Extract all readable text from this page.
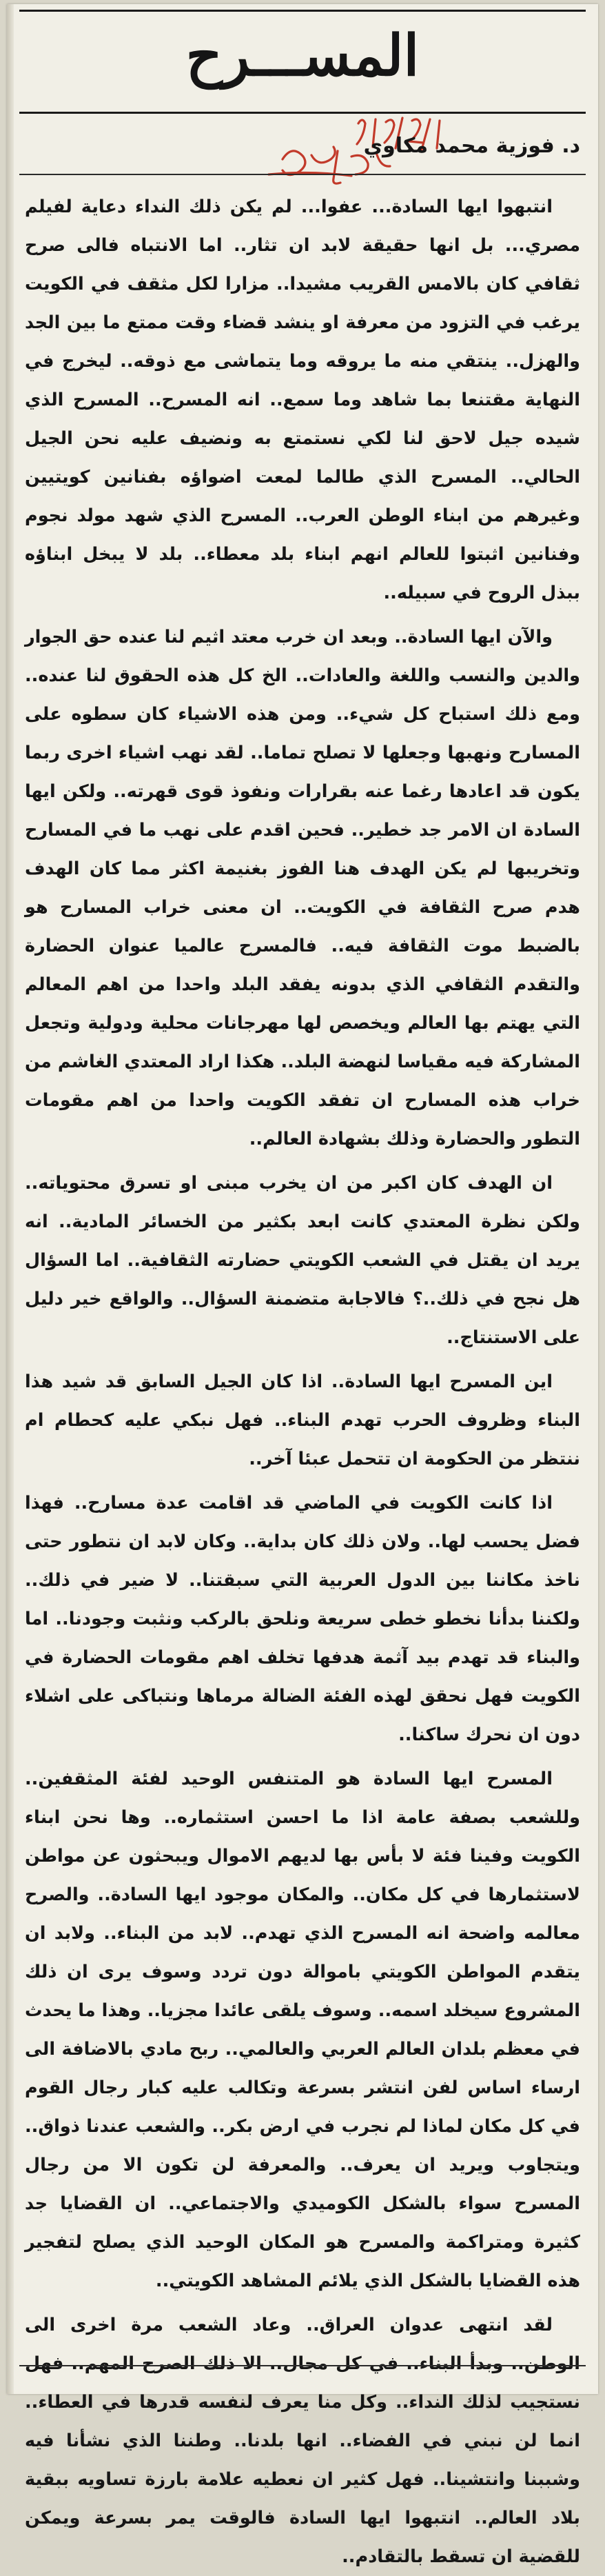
المســـرح
د. فوزية محمد مكاوي

انتبهوا ايها السادة... عفوا... لم يكن ذلك النداء دعاية لفيلم مصري... بل انها حقيقة لابد ان تثار.. اما الانتباه فالى صرح ثقافي كان بالامس القريب مشيدا.. مزارا لكل مثقف في الكويت يرغب في التزود من معرفة او ينشد قضاء وقت ممتع ما بين الجد والهزل.. ينتقي منه ما يروقه وما يتماشى مع ذوقه.. ليخرج في النهاية مقتنعا بما شاهد وما سمع.. انه المسرح.. المسرح الذي شيده جيل لاحق لنا لكي نستمتع به ونضيف عليه نحن الجيل الحالي.. المسرح الذي طالما لمعت اضواؤه بفنانين كويتيين وغيرهم من ابناء الوطن العرب.. المسرح الذي شهد مولد نجوم وفنانين اثبتوا للعالم انهم ابناء بلد معطاء.. بلد لا يبخل ابناؤه ببذل الروح في سبيله..

والآن ايها السادة.. وبعد ان خرب معتد اثيم لنا عنده حق الجوار والدين والنسب واللغة والعادات.. الخ كل هذه الحقوق لنا عنده.. ومع ذلك استباح كل شيء.. ومن هذه الاشياء كان سطوه على المسارح ونهبها وجعلها لا تصلح تماما.. لقد نهب اشياء اخرى ربما يكون قد اعادها رغما عنه بقرارات ونفوذ قوى قهرته.. ولكن ايها السادة ان الامر جد خطير.. فحين اقدم على نهب ما في المسارح وتخريبها لم يكن الهدف هنا الفوز بغنيمة اكثر مما كان الهدف هدم صرح الثقافة في الكويت.. ان معنى خراب المسارح هو بالضبط موت الثقافة فيه.. فالمسرح عالميا عنوان الحضارة والتقدم الثقافي الذي بدونه يفقد البلد واحدا من اهم المعالم التي يهتم بها العالم ويخصص لها مهرجانات محلية ودولية وتجعل المشاركة فيه مقياسا لنهضة البلد.. هكذا اراد المعتدي الغاشم من خراب هذه المسارح ان تفقد الكويت واحدا من اهم مقومات التطور والحضارة وذلك بشهادة العالم..

ان الهدف كان اكبر من ان يخرب مبنى او تسرق محتوياته.. ولكن نظرة المعتدي كانت ابعد بكثير من الخسائر المادية.. انه يريد ان يقتل في الشعب الكويتي حضارته الثقافية.. اما السؤال هل نجح في ذلك..؟ فالاجابة متضمنة السؤال.. والواقع خير دليل على الاستنتاج..

اين المسرح ايها السادة.. اذا كان الجيل السابق قد شيد هذا البناء وظروف الحرب تهدم البناء.. فهل نبكي عليه كحطام ام ننتظر من الحكومة ان تتحمل عبئا آخر..

اذا كانت الكويت في الماضي قد اقامت عدة مسارح.. فهذا فضل يحسب لها.. ولان ذلك كان بداية.. وكان لابد ان نتطور حتى ناخذ مكاننا بين الدول العربية التي سبقتنا.. لا ضير في ذلك.. ولكننا بدأنا نخطو خطى سريعة ونلحق بالركب ونثبت وجودنا.. اما والبناء قد تهدم بيد آثمة هدفها تخلف اهم مقومات الحضارة في الكويت فهل نحقق لهذه الفئة الضالة مرماها ونتباكى على اشلاء دون ان نحرك ساكنا..

المسرح ايها السادة هو المتنفس الوحيد لفئة المثقفين.. وللشعب بصفة عامة اذا ما احسن استثماره.. وها نحن ابناء الكويت وفينا فئة لا بأس بها لديهم الاموال ويبحثون عن مواطن لاستثمارها في كل مكان.. والمكان موجود ايها السادة.. والصرح معالمه واضحة انه المسرح الذي تهدم.. لابد من البناء.. ولابد ان يتقدم المواطن الكويتي باموالة دون تردد وسوف يرى ان ذلك المشروع سيخلد اسمه.. وسوف يلقى عائدا مجزيا.. وهذا ما يحدث في معظم بلدان العالم العربي والعالمي.. ربح مادي بالاضافة الى ارساء اساس لفن انتشر بسرعة وتكالب عليه كبار رجال القوم في كل مكان لماذا لم نجرب في ارض بكر.. والشعب عندنا ذواق.. ويتجاوب ويريد ان يعرف.. والمعرفة لن تكون الا من رجال المسرح سواء بالشكل الكوميدي والاجتماعي.. ان القضايا جد كثيرة ومتراكمة والمسرح هو المكان الوحيد الذي يصلح لتفجير هذه القضايا بالشكل الذي يلائم المشاهد الكويتي..

لقد انتهى عدوان العراق.. وعاد الشعب مرة اخرى الى الوطن.. وبدأ البناء.. في كل مجال.. الا ذلك الصرح المهم.. فهل نستجيب لذلك النداء.. وكل منا يعرف لنفسه قدرها في العطاء.. انما لن نبني في الفضاء.. انها بلدنا.. وطننا الذي نشأنا فيه وشببنا وانتشينا.. فهل كثير ان نعطيه علامة بارزة تساويه ببقية بلاد العالم.. انتبهوا ايها السادة فالوقت يمر بسرعة ويمكن للقضية ان تسقط بالتقادم..
